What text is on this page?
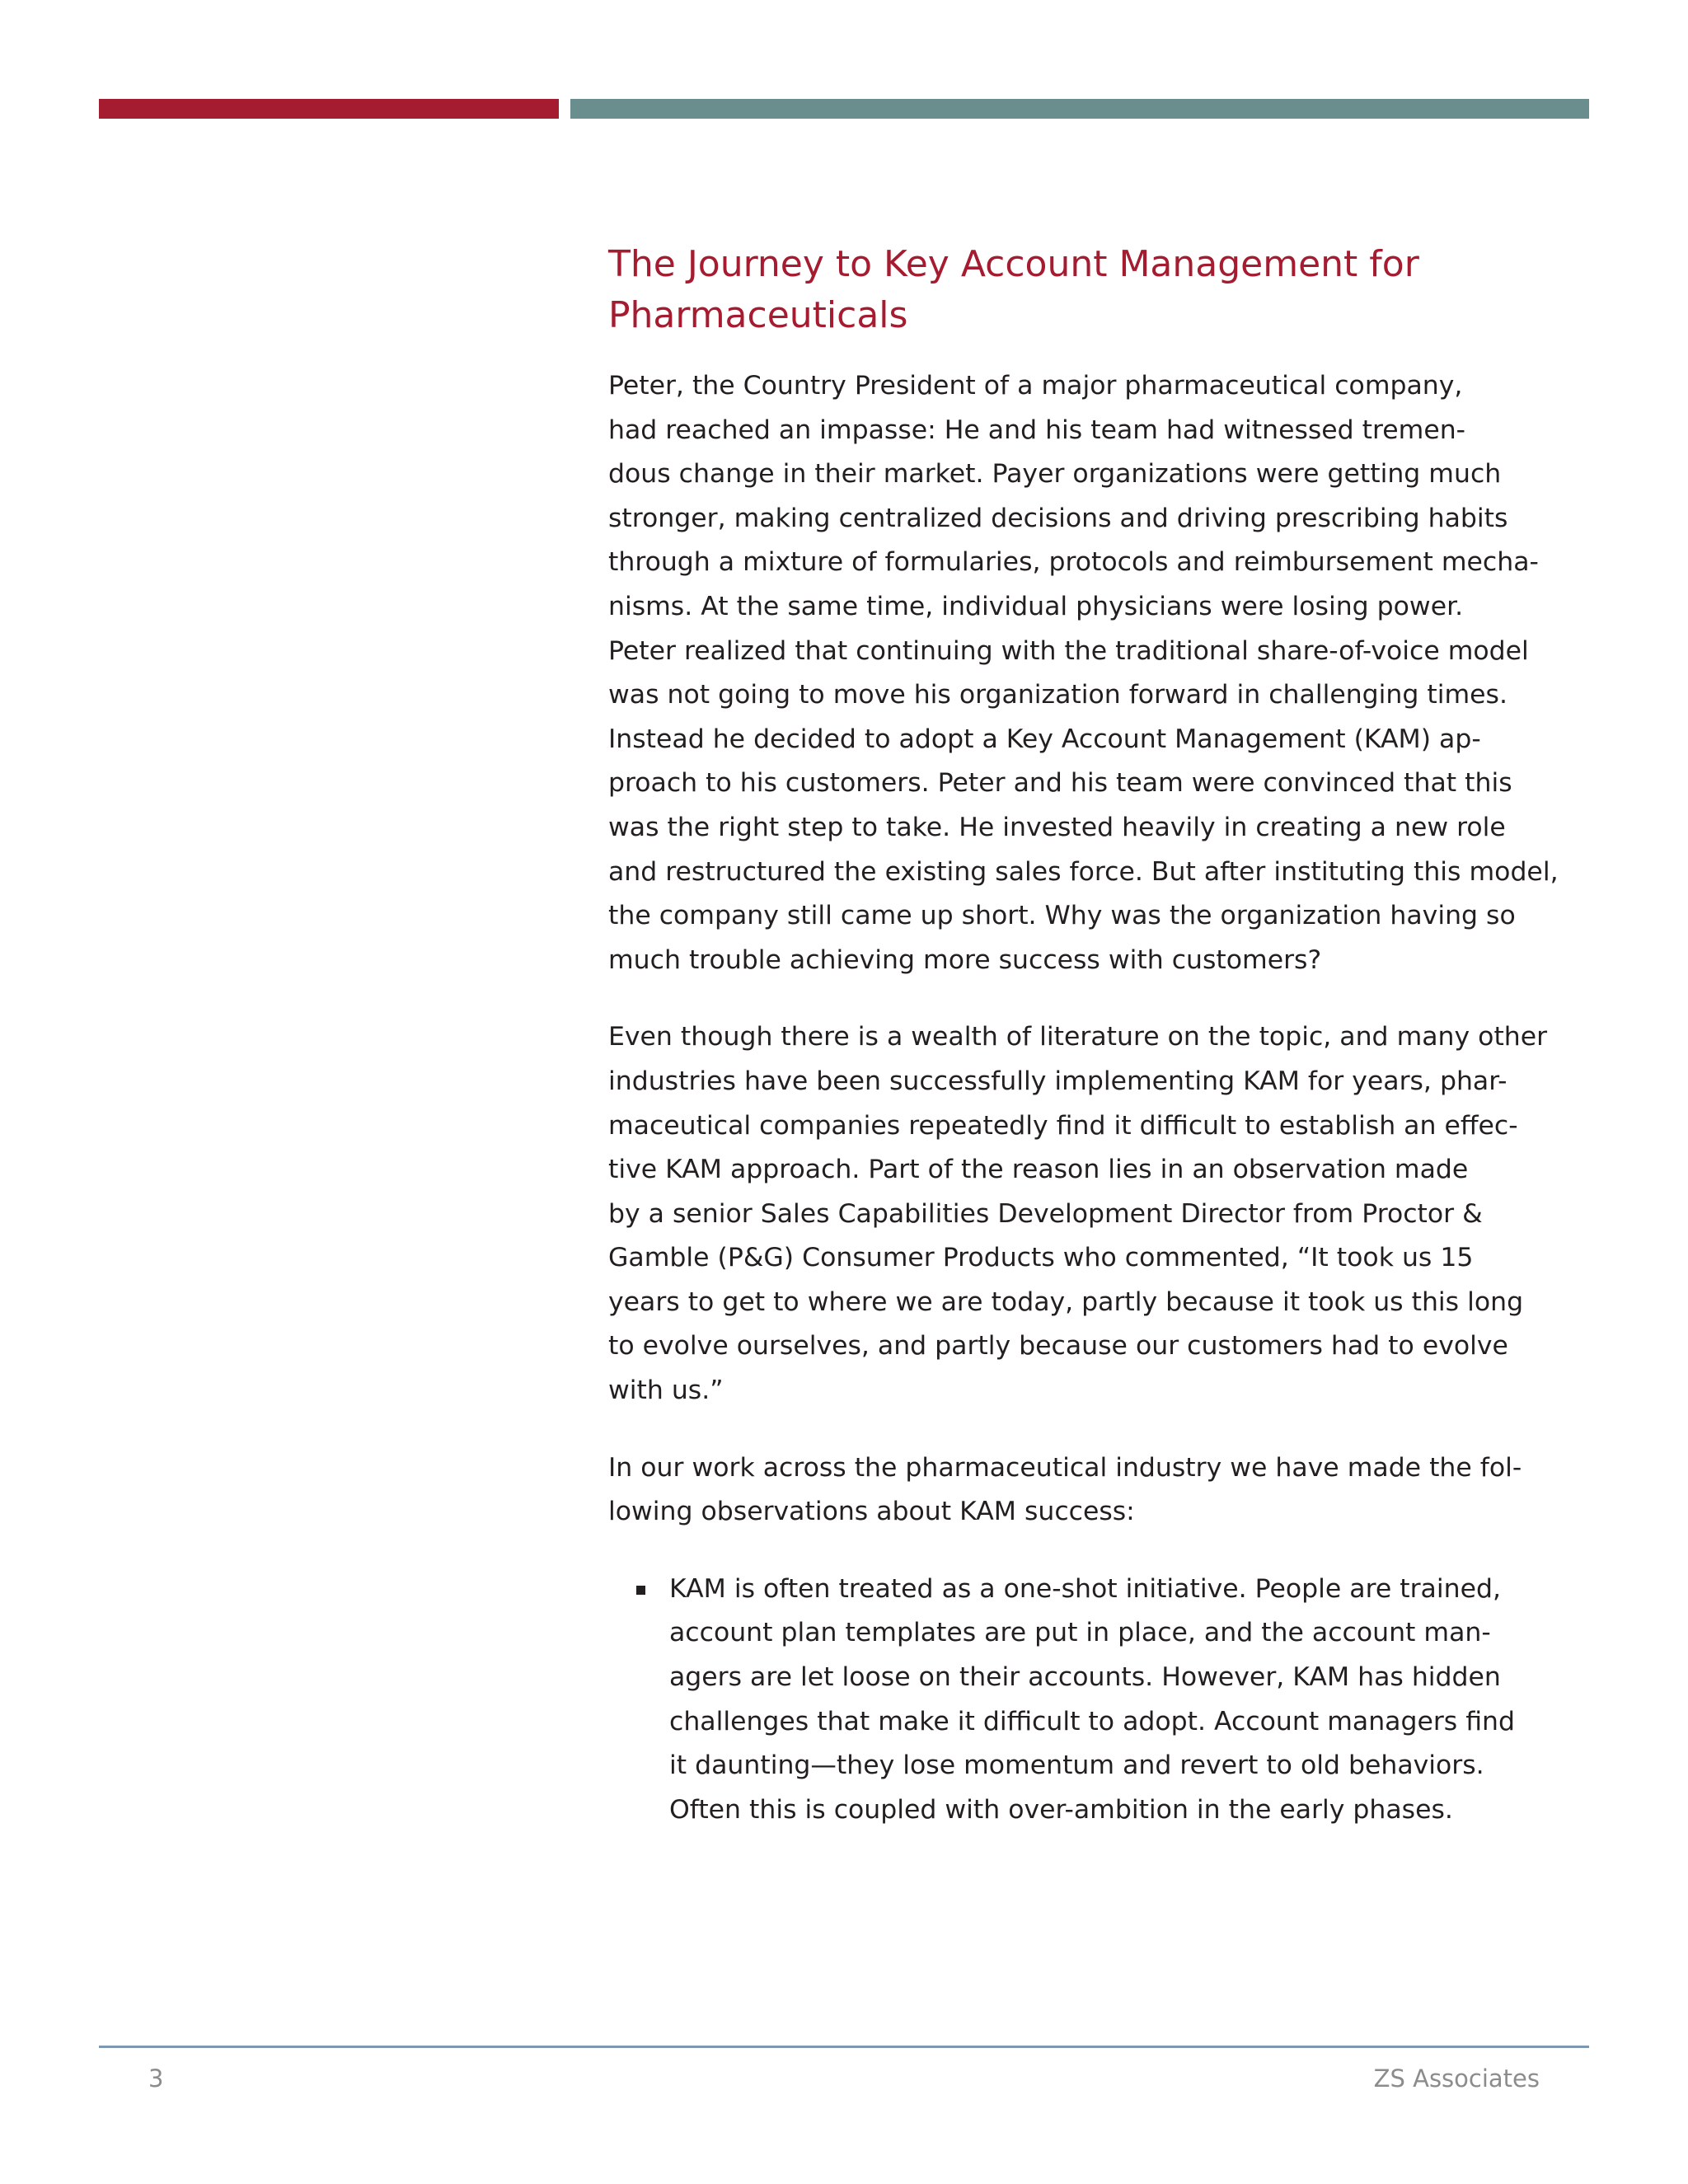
The Journey to Key Account Management for
Pharmaceuticals
Peter, the Country President of a major pharmaceutical company,
had reached an impasse: He and his team had witnessed tremen-
dous change in their market. Payer organizations were getting much
stronger, making centralized decisions and driving prescribing habits
through a mixture of formularies, protocols and reimbursement mecha-
nisms. At the same time, individual physicians were losing power.
Peter realized that continuing with the traditional share-of-voice model
was not going to move his organization forward in challenging times.
Instead he decided to adopt a Key Account Management (KAM) ap-
proach to his customers. Peter and his team were convinced that this
was the right step to take. He invested heavily in creating a new role
and restructured the existing sales force. But after instituting this model,
the company still came up short. Why was the organization having so
much trouble achieving more success with customers?
Even though there is a wealth of literature on the topic, and many other
industries have been successfully implementing KAM for years, phar-
maceutical companies repeatedly find it difficult to establish an effec-
tive KAM approach. Part of the reason lies in an observation made
by a senior Sales Capabilities Development Director from Proctor &
Gamble (P&G) Consumer Products who commented, “It took us 15
years to get to where we are today, partly because it took us this long
to evolve ourselves, and partly because our customers had to evolve
with us.”
In our work across the pharmaceutical industry we have made the fol-
lowing observations about KAM success:
KAM is often treated as a one-shot initiative. People are trained,
account plan templates are put in place, and the account man-
agers are let loose on their accounts. However, KAM has hidden
challenges that make it difficult to adopt. Account managers find
it daunting—they lose momentum and revert to old behaviors.
Often this is coupled with over-ambition in the early phases.
3	ZS Associates
